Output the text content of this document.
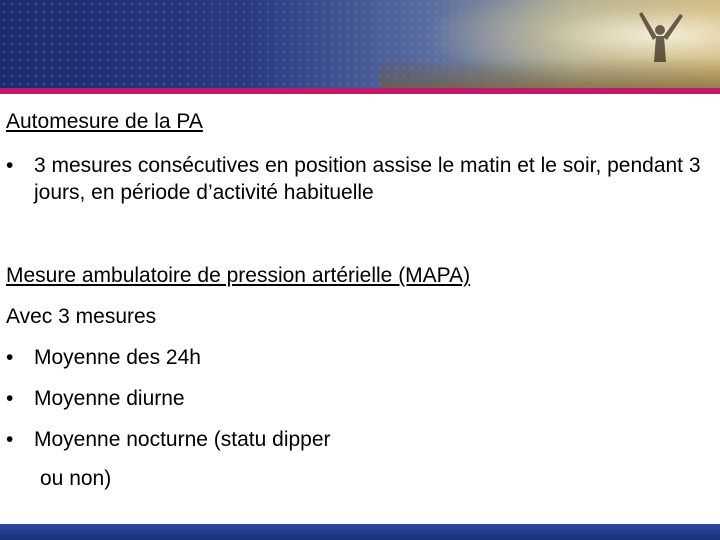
Automesure de la PA

• 3 mesures consécutives en position assise le matin et le soir, pendant 3 jours, en période d’activité habituelle

Mesure ambulatoire de pression artérielle (MAPA)

Avec 3 mesures

• Moyenne des 24h
• Moyenne diurne
• Moyenne nocturne (statu dipper

ou non)
